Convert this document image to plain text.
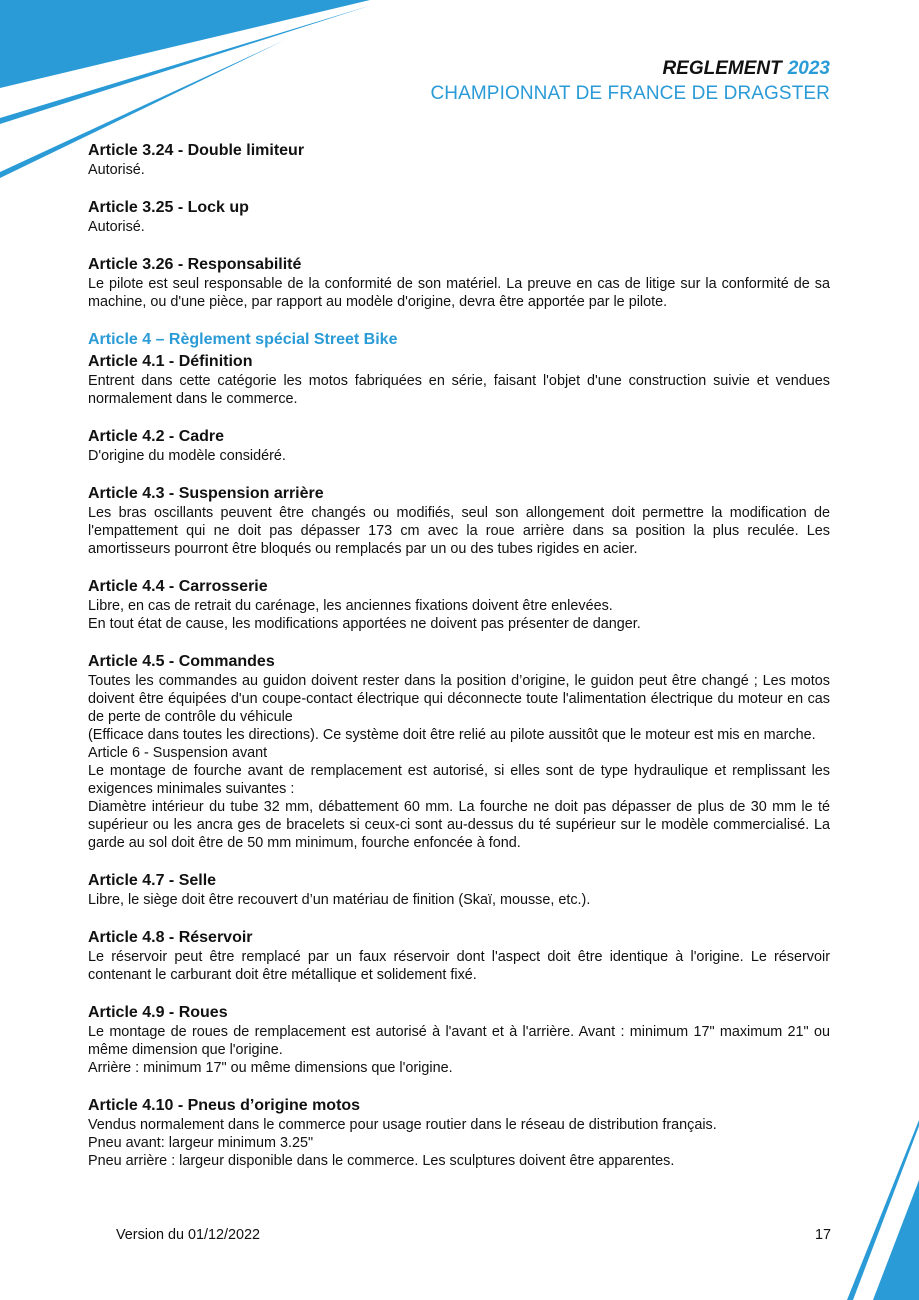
REGLEMENT 2023
CHAMPIONNAT DE FRANCE DE DRAGSTER
Article 3.24 - Double limiteur

Autorisé.

Article 3.25 - Lock up

Autorisé.

Article 3.26 - Responsabilité

Le pilote est seul responsable de la conformité de son matériel. La preuve en cas de litige sur la conformité de sa machine, ou d'une pièce, par rapport au modèle d'origine, devra être apportée par le pilote.

Article 4 – Règlement spécial Street Bike
Article 4.1 - Définition

Entrent dans cette catégorie les motos fabriquées en série, faisant l'objet d'une construction suivie et vendues normalement dans le commerce.

Article 4.2 - Cadre

D'origine du modèle considéré.

Article 4.3 - Suspension arrière

Les bras oscillants peuvent être changés ou modifiés, seul son allongement doit permettre la modification de l'empattement qui ne doit pas dépasser 173 cm avec la roue arrière dans sa position la plus reculée. Les amortisseurs pourront être bloqués ou remplacés par un ou des tubes rigides en acier.

Article 4.4 - Carrosserie

Libre, en cas de retrait du carénage, les anciennes fixations doivent être enlevées.

En tout état de cause, les modifications apportées ne doivent pas présenter de danger.

Article 4.5 - Commandes

Toutes les commandes au guidon doivent rester dans la position d’origine, le guidon peut être changé ; Les motos doivent être équipées d'un coupe-contact électrique qui déconnecte toute l'alimentation électrique du moteur en cas de perte de contrôle du véhicule

(Efficace dans toutes les directions). Ce système doit être relié au pilote aussitôt que le moteur est mis en marche.

Article 6 - Suspension avant

Le montage de fourche avant de remplacement est autorisé, si elles sont de type hydraulique et remplissant les exigences minimales suivantes :

Diamètre intérieur du tube 32 mm, débattement 60 mm. La fourche ne doit pas dépasser de plus de 30 mm le té supérieur ou les ancra ges de bracelets si ceux-ci sont au-dessus du té supérieur sur le modèle commercialisé. La garde au sol doit être de 50 mm minimum, fourche enfoncée à fond.

Article 4.7 - Selle

Libre, le siège doit être recouvert d’un matériau de finition (Skaï, mousse, etc.).

Article 4.8 - Réservoir

Le réservoir peut être remplacé par un faux réservoir dont l'aspect doit être identique à l'origine. Le réservoir contenant le carburant doit être métallique et solidement fixé.

Article 4.9 - Roues

Le montage de roues de remplacement est autorisé à l'avant et à l'arrière. Avant : minimum 17" maximum 21" ou même dimension que l'origine.

Arrière : minimum 17" ou même dimensions que l'origine.

Article 4.10 - Pneus d’origine motos

Vendus normalement dans le commerce pour usage routier dans le réseau de distribution français.

Pneu avant: largeur minimum 3.25"

Pneu arrière : largeur disponible dans le commerce. Les sculptures doivent être apparentes.

Version du 01/12/2022	17
